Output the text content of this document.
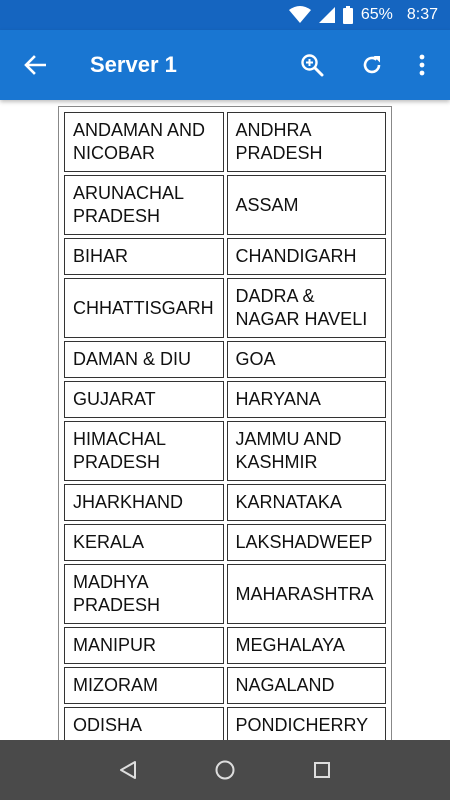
65% 8:37
Server 1
ANDAMAN AND NICOBAR	ANDHRA PRADESH
ARUNACHAL PRADESH	ASSAM
BIHAR	CHANDIGARH
CHHATTISGARH	DADRA & NAGAR HAVELI
DAMAN & DIU	GOA
GUJARAT	HARYANA
HIMACHAL PRADESH	JAMMU AND KASHMIR
JHARKHAND	KARNATAKA
KERALA	LAKSHADWEEP
MADHYA PRADESH	MAHARASHTRA
MANIPUR	MEGHALAYA
MIZORAM	NAGALAND
ODISHA	PONDICHERRY
